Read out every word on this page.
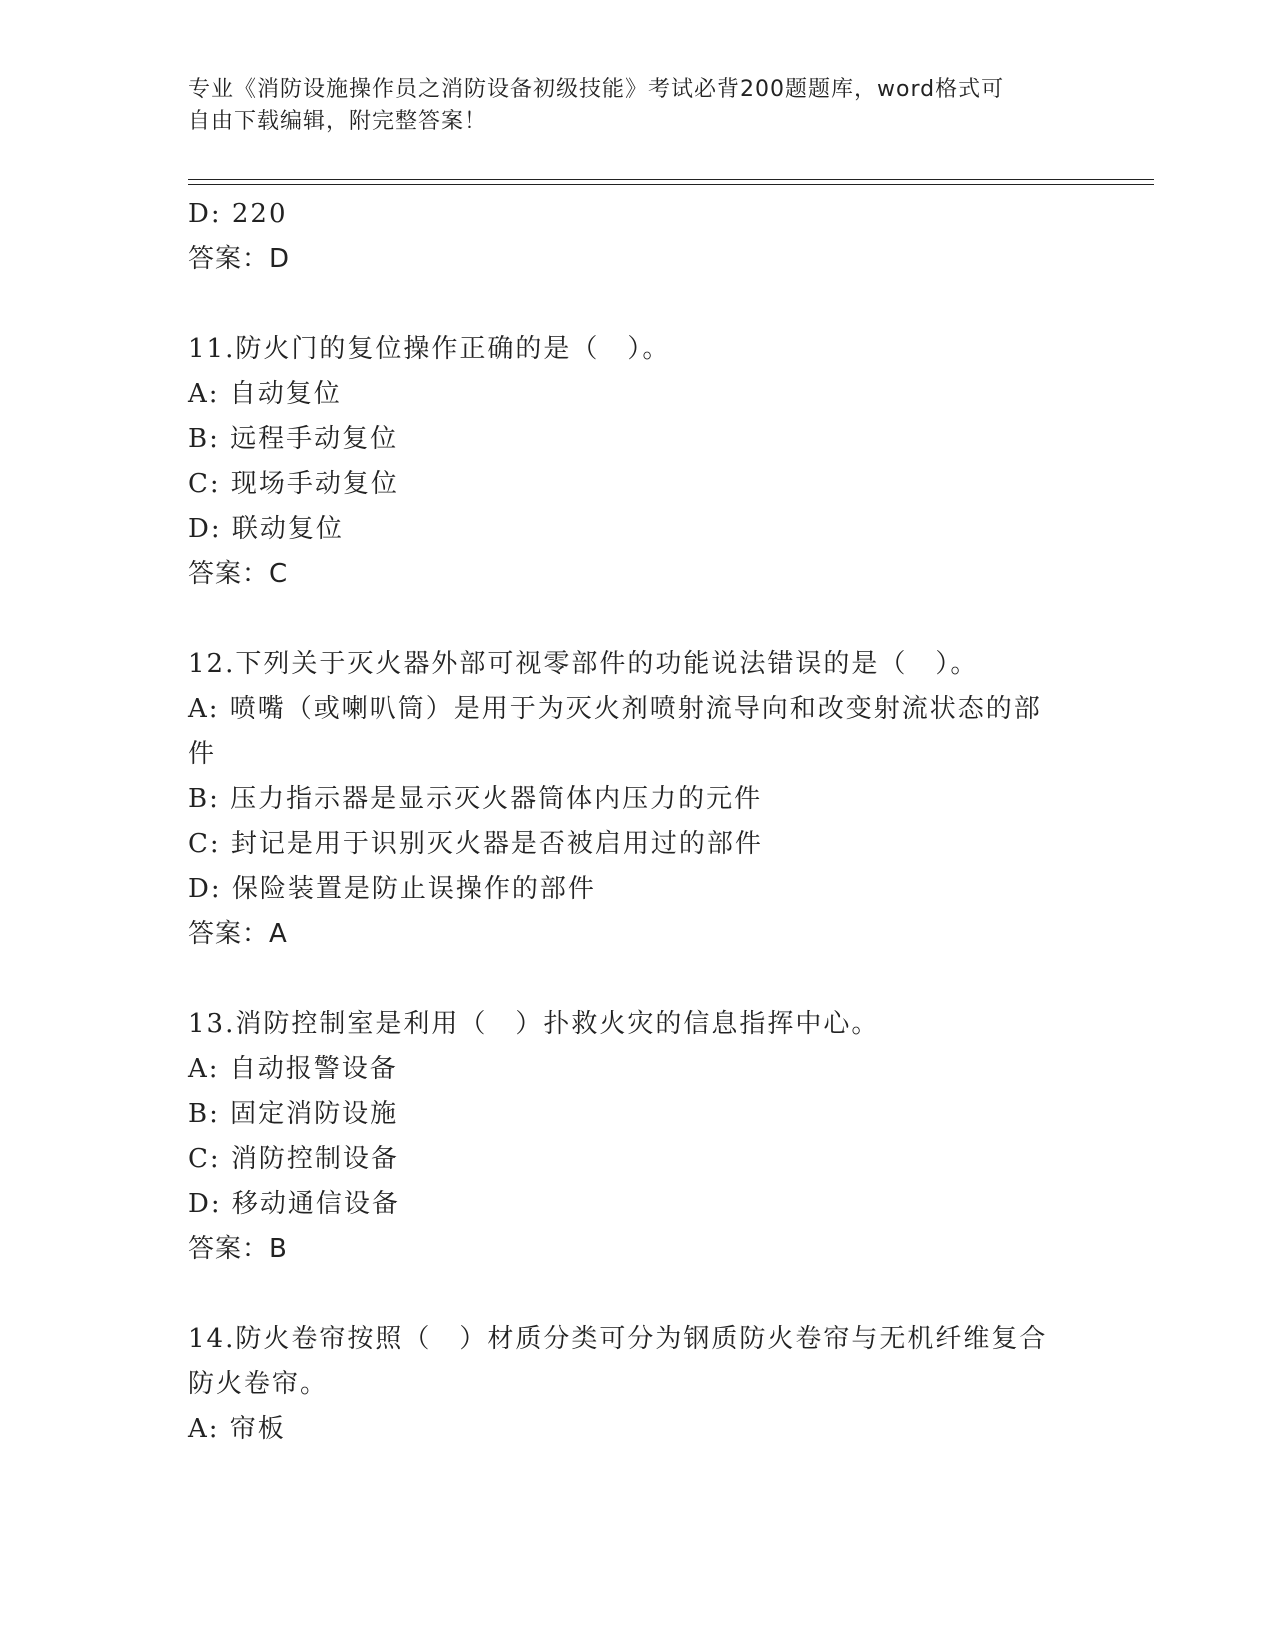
专业《消防设施操作员之消防设备初级技能》考试必背200题题库，word格式可
自由下载编辑，附完整答案！
D: 220
答案：D
11.防火门的复位操作正确的是（　）。
A: 自动复位
B: 远程手动复位
C: 现场手动复位
D: 联动复位
答案：C
12.下列关于灭火器外部可视零部件的功能说法错误的是（　）。
A: 喷嘴（或喇叭筒）是用于为灭火剂喷射流导向和改变射流状态的部
件
B: 压力指示器是显示灭火器筒体内压力的元件
C: 封记是用于识别灭火器是否被启用过的部件
D: 保险装置是防止误操作的部件
答案：A
13.消防控制室是利用（　）扑救火灾的信息指挥中心。
A: 自动报警设备
B: 固定消防设施
C: 消防控制设备
D: 移动通信设备
答案：B
14.防火卷帘按照（　）材质分类可分为钢质防火卷帘与无机纤维复合
防火卷帘。
A: 帘板
